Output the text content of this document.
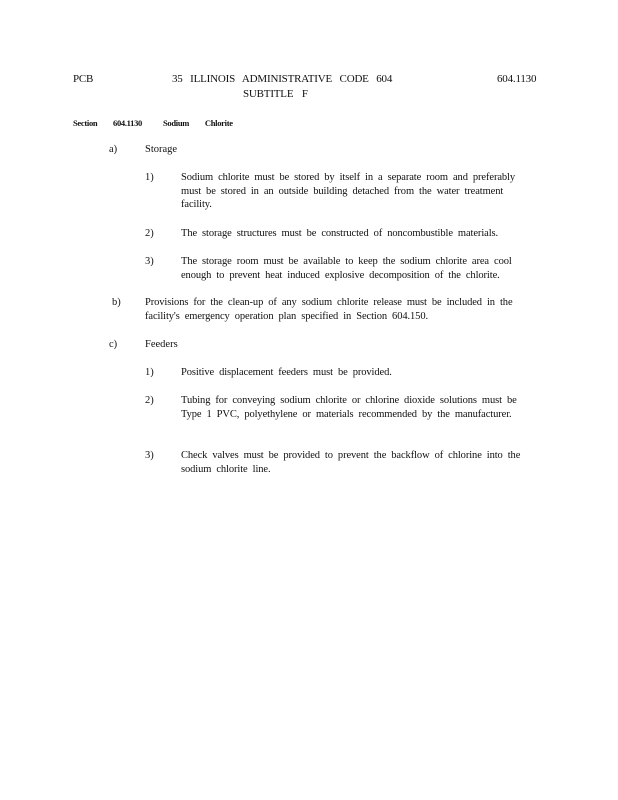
PCB	35 ILLINOIS ADMINISTRATIVE CODE 604
SUBTITLE F
604.1130
Section 604.1130 Sodium Chlorite
a)	Storage
1)	Sodium chlorite must be stored by itself in a separate room and preferably must be stored in an outside building detached from the water treatment facility.
2)	The storage structures must be constructed of noncombustible materials.
3)	The storage room must be available to keep the sodium chlorite area cool enough to prevent heat induced explosive decomposition of the chlorite.
b) Provisions for the clean-up of any sodium chlorite release must be included in the facility's emergency operation plan specified in Section 604.150.
c)	Feeders
1)	Positive displacement feeders must be provided.
2)	Tubing for conveying sodium chlorite or chlorine dioxide solutions must be Type 1 PVC, polyethylene or materials recommended by the manufacturer.
3)	Check valves must be provided to prevent the backflow of chlorine into the sodium chlorite line.
